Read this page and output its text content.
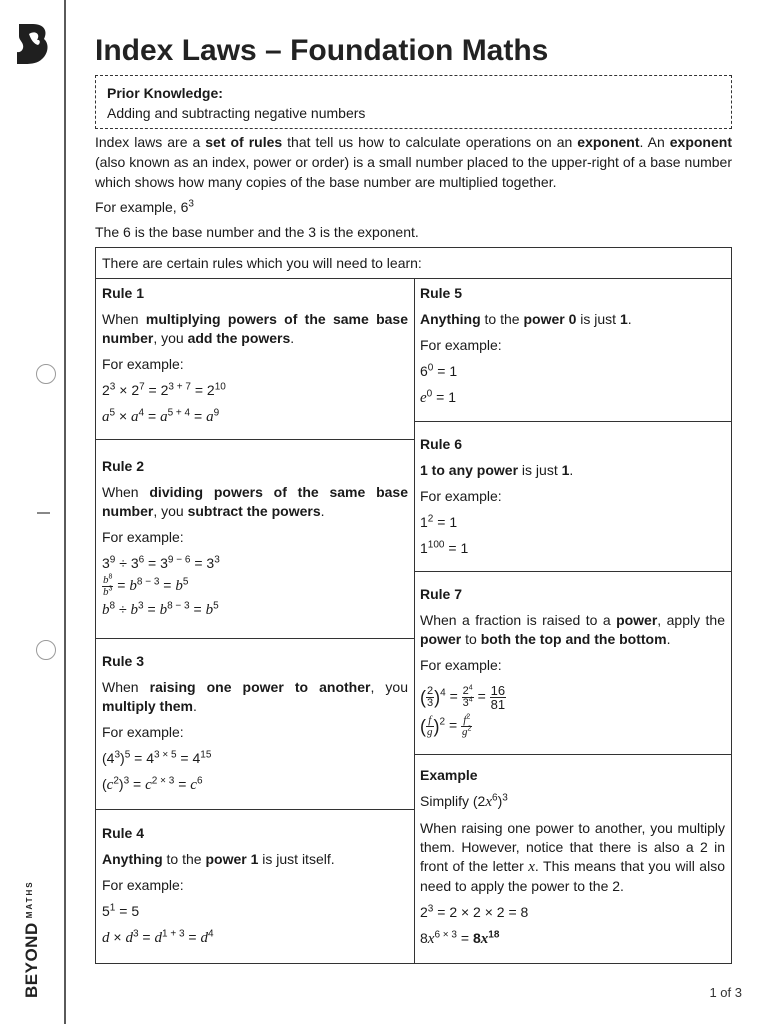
$BEYOND^{MATHS}$
Index Laws – Foundation Maths
Prior Knowledge:
Adding and subtracting negative numbers

Index laws are a set of rules that tell us how to calculate operations on an exponent. An exponent (also known as an index, power or order) is a small number placed to the upper-right of a base number which shows how many copies of the base number are multiplied together.

For example, $6^3$

The 6 is the base number and the 3 is the exponent.

There are certain rules which you will need to learn:

Rule 1

When multiplying powers of the same base number, you add the powers.

For example:

$2^3 \times 2^7 = 2^{3 + 7} = 2^{10}$

$a^5 \times a^4 = a^{5 + 4} = a^9$

Rule 2

When dividing powers of the same base number, you subtract the powers.

For example:

$3^9 \div 3^6 = 3^{9 - 6} = 3^3$

$\frac{b^8}{b^3} = b^{8 - 3} = b^5$

$b^8 \div b^3 = b^{8 - 3} = b^5$

Rule 3

When raising one power to another, you multiply them.

For example:

$(4^3)^5 = 4^{3 \times 5} = 4^{15}$

$(c^2)^3 = c^{2 \times 3} = c^6$

Rule 4

Anything to the power 1 is just itself.

For example:

$5^1 = 5$

$d \times d^3 = d^{1 + 3} = d^4$

Rule 5

Anything to the power 0 is just 1.

For example:

$6^0 = 1$

$e^0 = 1$

Rule 6

1 to any power is just 1.

For example:

$1^2 = 1$

$1^{100} = 1$

Rule 7

When a fraction is raised to a power, apply the power to both the top and the bottom.

For example:

( $\frac{2}{3} )^4 = \frac{2^4}{3^4} = \frac{16}{81}$

( $\frac{f}{g} )^2 = \frac{f^2}{g^2}$

Example

Simplify $(2x^6)^3$

When raising one power to another, you multiply them. However, notice that there is also a 2 in front of the letter x. This means that you will also need to apply the power to the 2.

$2^3 = 2 \times 2 \times 2 = 8$

$8x^{6 \times 3} = 8x^{18}$

1 of 3
